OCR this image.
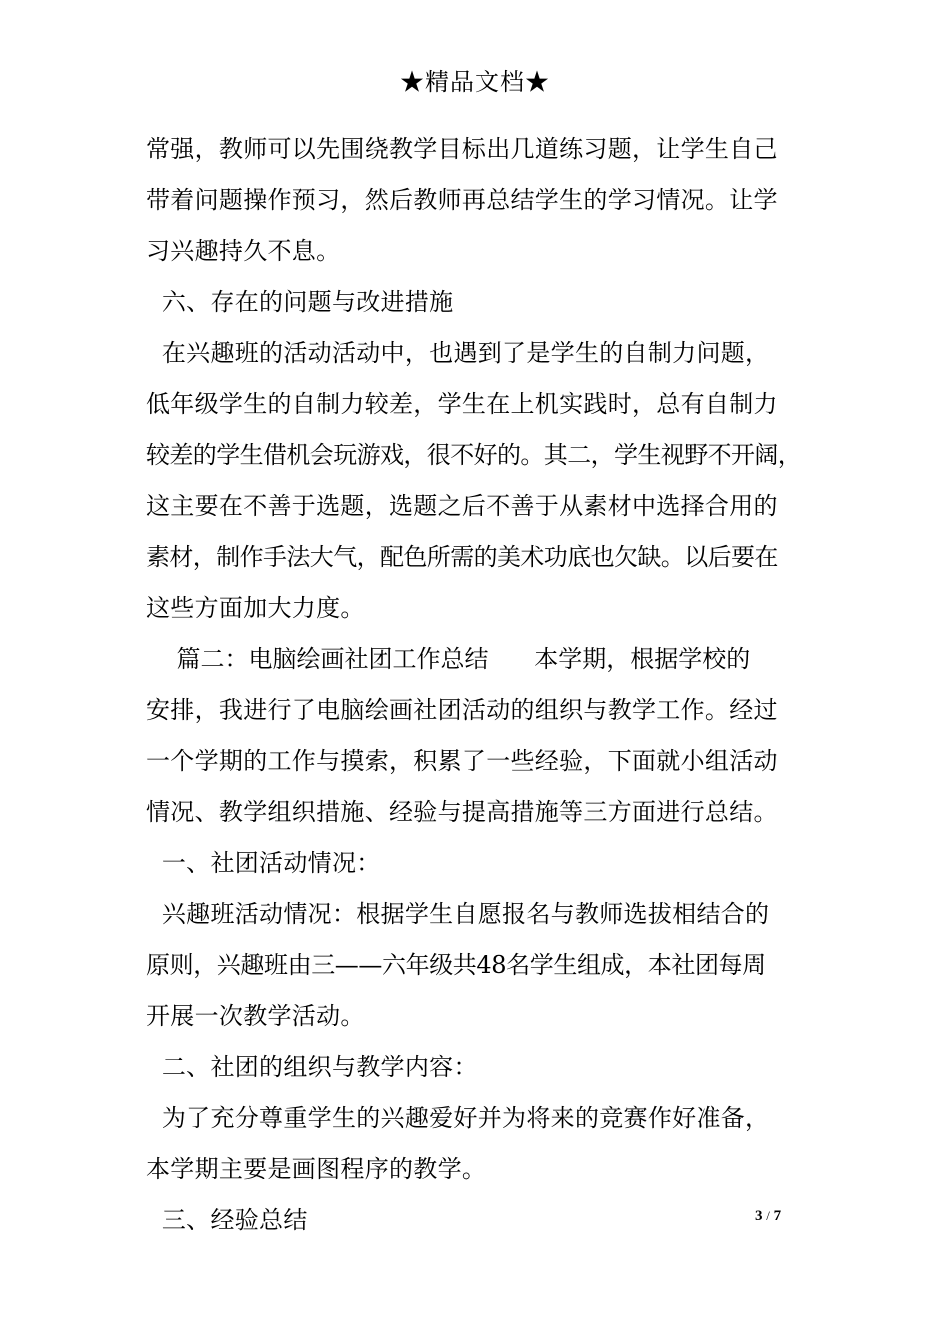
★精品文档★
常强，教师可以先围绕教学目标出几道练习题，让学生自己
带着问题操作预习，然后教师再总结学生的学习情况。让学
习兴趣持久不息。
六、存在的问题与改进措施
在兴趣班的活动活动中，也遇到了是学生的自制力问题，
低年级学生的自制力较差，学生在上机实践时，总有自制力
较差的学生借机会玩游戏，很不好的。其二，学生视野不开阔，
这主要在不善于选题，选题之后不善于从素材中选择合用的
素材，制作手法大气，配色所需的美术功底也欠缺。以后要在
这些方面加大力度。
篇二：电脑绘画社团工作总结      本学期，根据学校的
安排，我进行了电脑绘画社团活动的组织与教学工作。经过
一个学期的工作与摸索，积累了一些经验，下面就小组活动
情况、教学组织措施、经验与提高措施等三方面进行总结。
一、社团活动情况：
兴趣班活动情况：根据学生自愿报名与教师选拔相结合的
原则，兴趣班由三——六年级共48名学生组成，本社团每周
开展一次教学活动。
二、社团的组织与教学内容：
为了充分尊重学生的兴趣爱好并为将来的竞赛作好准备，
本学期主要是画图程序的教学。
三、经验总结	3 / 7
